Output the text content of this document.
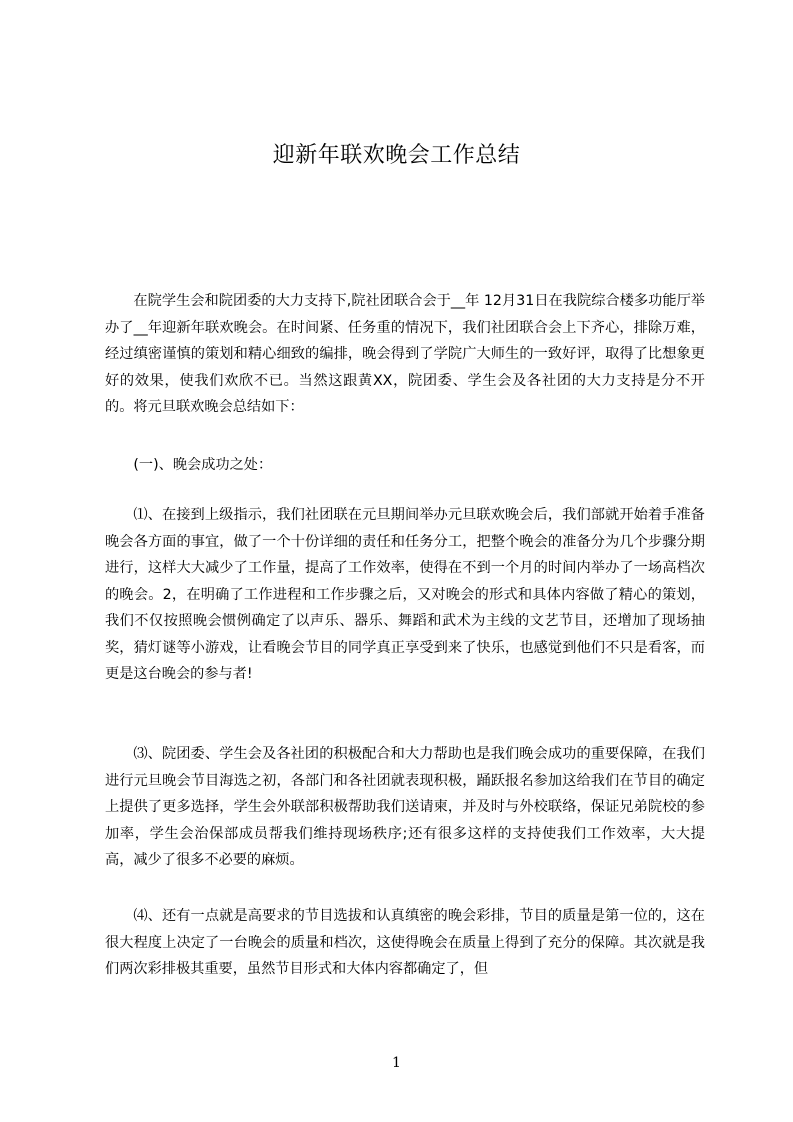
迎新年联欢晚会工作总结

在院学生会和院团委的大力支持下,院社团联合会于__年 12月31日在我院综合楼多功能厅举办了__年迎新年联欢晚会。在时间紧、任务重的情况下，我们社团联合会上下齐心，排除万难，经过缜密谨慎的策划和精心细致的编排，晚会得到了学院广大师生的一致好评，取得了比想象更好的效果，使我们欢欣不已。当然这跟黄XX，院团委、学生会及各社团的大力支持是分不开的。将元旦联欢晚会总结如下：

(一)、晚会成功之处：

⑴、在接到上级指示，我们社团联在元旦期间举办元旦联欢晚会后，我们部就开始着手准备晚会各方面的事宜，做了一个十份详细的责任和任务分工，把整个晚会的准备分为几个步骤分期进行，这样大大减少了工作量，提高了工作效率，使得在不到一个月的时间内举办了一场高档次的晚会。2，在明确了工作进程和工作步骤之后，又对晚会的形式和具体内容做了精心的策划，我们不仅按照晚会惯例确定了以声乐、器乐、舞蹈和武术为主线的文艺节目，还增加了现场抽奖，猜灯谜等小游戏，让看晚会节目的同学真正享受到来了快乐，也感觉到他们不只是看客，而更是这台晚会的参与者!

⑶、院团委、学生会及各社团的积极配合和大力帮助也是我们晚会成功的重要保障，在我们进行元旦晚会节目海选之初，各部门和各社团就表现积极，踊跃报名参加这给我们在节目的确定上提供了更多选择，学生会外联部积极帮助我们送请柬，并及时与外校联络，保证兄弟院校的参加率，学生会治保部成员帮我们维持现场秩序;还有很多这样的支持使我们工作效率，大大提高，减少了很多不必要的麻烦。

⑷、还有一点就是高要求的节目选拔和认真缜密的晚会彩排，节目的质量是第一位的，这在很大程度上决定了一台晚会的质量和档次，这使得晚会在质量上得到了充分的保障。其次就是我们两次彩排极其重要，虽然节目形式和大体内容都确定了，但

1
